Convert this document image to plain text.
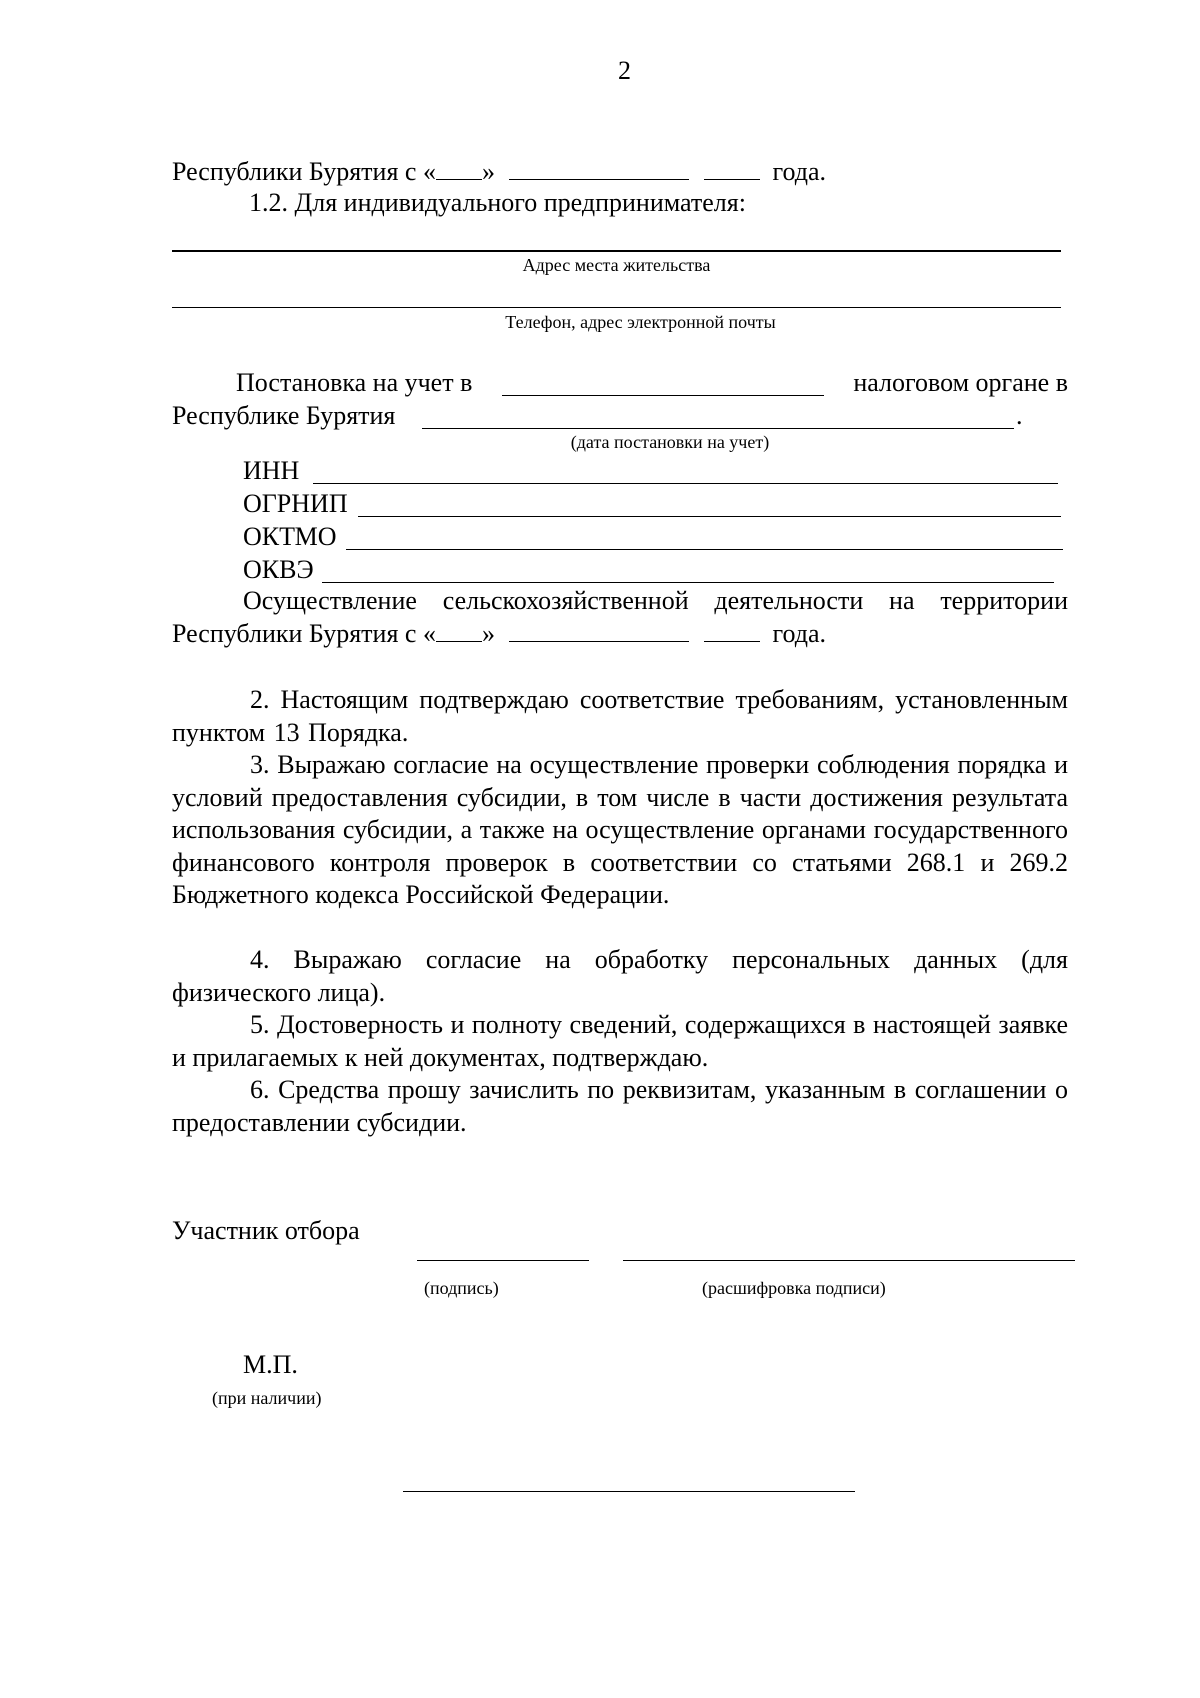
2
Республики Бурятия с « »	года.
1.2. Для индивидуального предпринимателя:
Адрес места жительства
Телефон, адрес электронной почты
Постановка на учет в	налоговом органе в
Республике Бурятия	.
(дата постановки на учет)
ИНН
ОГРНИП
ОКТМО
ОКВЭ
Осуществление сельскохозяйственной деятельности на территории
Республики Бурятия с « »	года.
2. Настоящим подтверждаю соответствие требованиям, установленным пунктом 13 Порядка.
3. Выражаю согласие на осуществление проверки соблюдения порядка и условий предоставления субсидии, в том числе в части достижения результата использования субсидии, а также на осуществление органами государственного финансового контроля проверок в соответствии со статьями 268.1 и 269.2 Бюджетного кодекса Российской Федерации.
4. Выражаю согласие на обработку персональных данных (для физического лица).
5. Достоверность и полноту сведений, содержащихся в настоящей заявке и прилагаемых к ней документах, подтверждаю.
6. Средства прошу зачислить по реквизитам, указанным в соглашении о предоставлении субсидии.
Участник отбора
(подпись)	(расшифровка подписи)
М.П.
(при наличии)
